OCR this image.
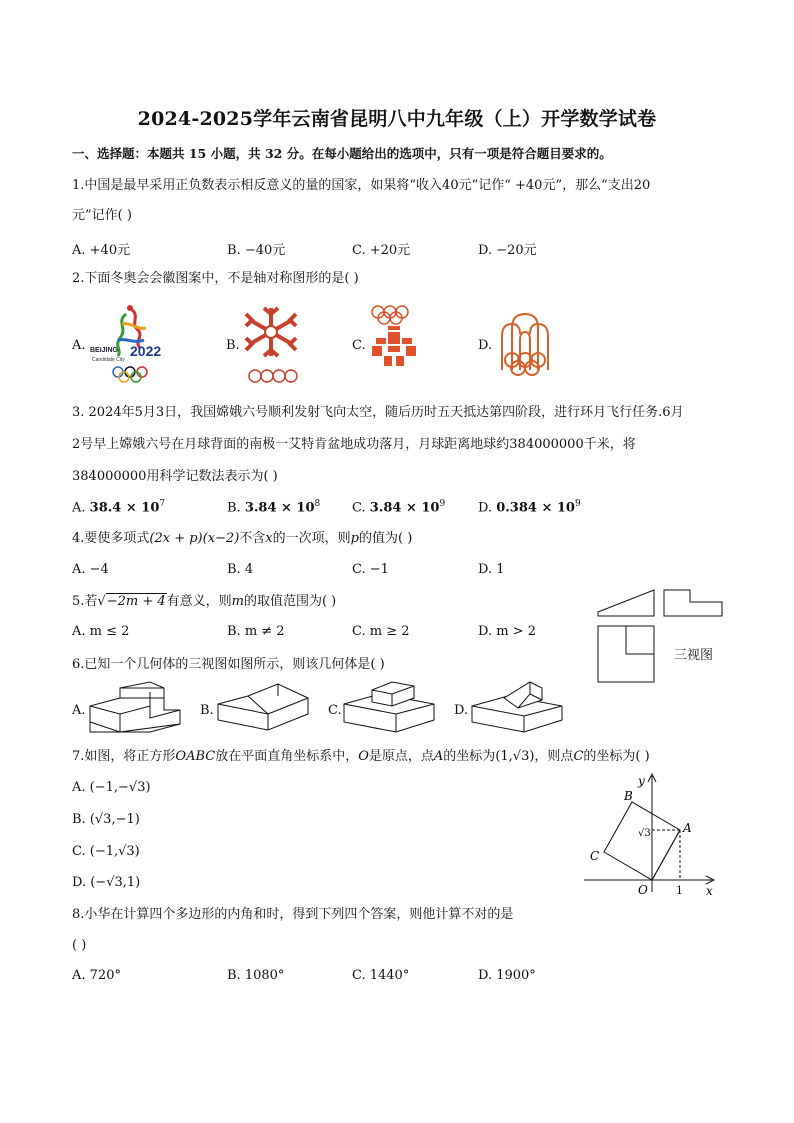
2024-2025学年云南省昆明八中九年级（上）开学数学试卷
一、选择题：本题共 15 小题，共 32 分。在每小题给出的选项中，只有一项是符合题目要求的。
1.中国是最早采用正负数表示相反意义的量的国家，如果将“收入40元”记作“ +40元”，那么“支出20
元”记作( )
A. +40元	B. −40元	C. +20元	D. −20元
2.下面冬奥会会徽图案中，不是轴对称图形的是( )
A.	B.	C.	D.
BEIJING 2022
Candidate City
3. 2024年5月3日，我国嫦娥六号顺利发射飞向太空，随后历时五天抵达第四阶段，进行环月飞行任务.6月
2号早上嫦娥六号在月球背面的南极一艾特肯盆地成功落月，月球距离地球约384000000千米，将
384000000用科学记数法表示为( )
A. $38.4 \times 10^7$	B. $3.84 \times 10^8$ C. $3.84 \times 10^9$	D. $0.384 \times 10^9$
4.要使多项式(2x + p)(x−2)不含x的一次项，则p的值为( )
A. −4	B. 4	C. −1	D. 1
5.若√−2m + 4有意义，则m的取值范围为( )
A. m ≤ 2	B. m ≠ 2	C. m ≥ 2	D. m > 2
三视图
6.已知一个几何体的三视图如图所示，则该几何体是( )
A.	B.	C.	D.
7.如图，将正方形OABC放在平面直角坐标系中，O是原点，点A的坐标为(1,√3)，则点C的坐标为( )
A. (−1,−√3)
B. (√3,−1)
C. (−1,√3)
D. (−√3,1)
y
x
B
A
C
O	1
√3
8.小华在计算四个多边形的内角和时，得到下列四个答案，则他计算不对的是
( )
A. 720°	B. 1080°	C. 1440°	D. 1900°
